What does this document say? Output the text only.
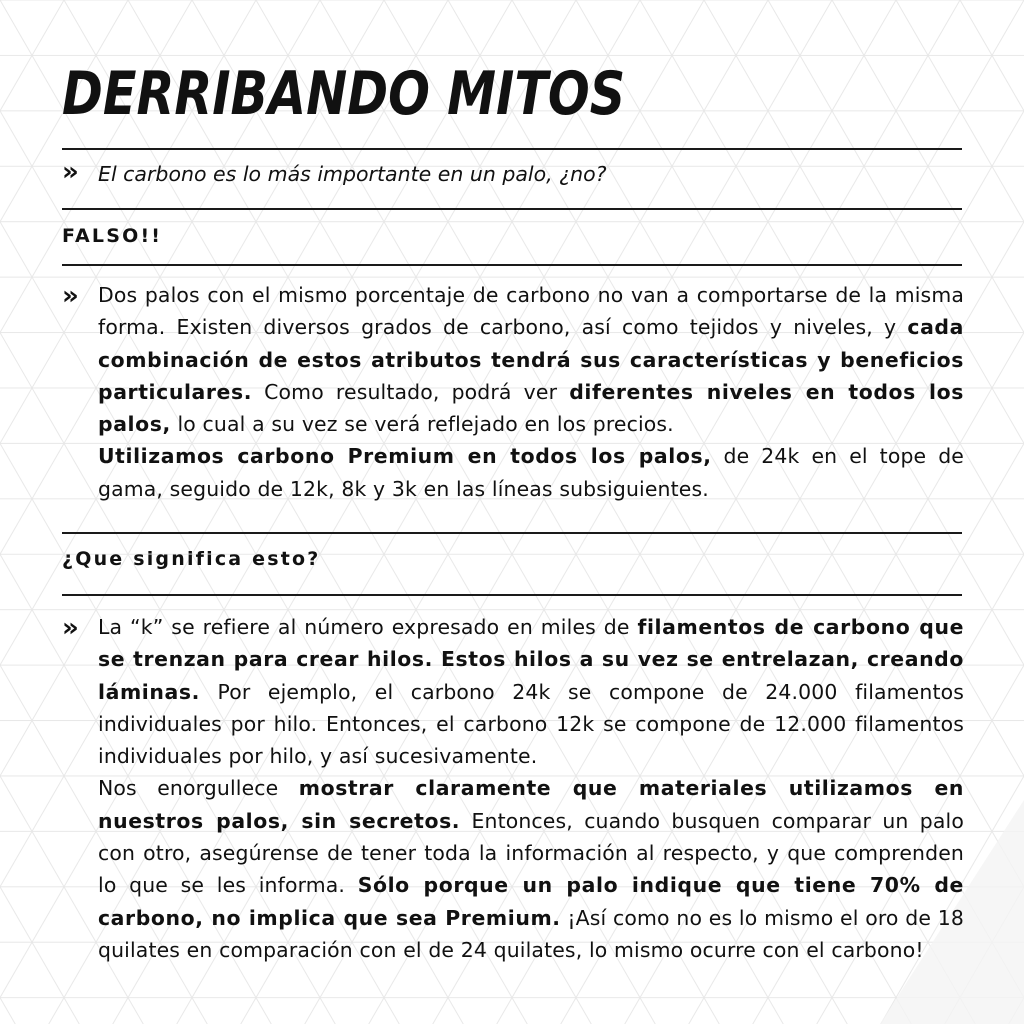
DERRIBANDO MITOS
» El carbono es lo más importante en un palo, ¿no?
FALSO!!
» Dos palos con el mismo porcentaje de carbono no van a comportarse de la misma forma. Existen diversos grados de carbono, así como tejidos y niveles, y cada combinación de estos atributos tendrá sus características y beneficios particulares. Como resultado, podrá ver diferentes niveles en todos los palos, lo cual a su vez se verá reflejado en los precios.
Utilizamos carbono Premium en todos los palos, de 24k en el tope de gama, seguido de 12k, 8k y 3k en las líneas subsiguientes.

¿Que significa esto?
» La “k” se refiere al número expresado en miles de filamentos de carbono que se trenzan para crear hilos. Estos hilos a su vez se entrelazan, creando láminas. Por ejemplo, el carbono 24k se compone de 24.000 filamentos individuales por hilo. Entonces, el carbono 12k se compone de 12.000 filamentos individuales por hilo, y así sucesivamente.
Nos enorgullece mostrar claramente que materiales utilizamos en nuestros palos, sin secretos. Entonces, cuando busquen comparar un palo con otro, asegúrense de tener toda la información al respecto, y que comprenden lo que se les informa. Sólo porque un palo indique que tiene 70% de carbono, no implica que sea Premium. ¡Así como no es lo mismo el oro de 18 quilates en comparación con el de 24 quilates, lo mismo ocurre con el carbono!
